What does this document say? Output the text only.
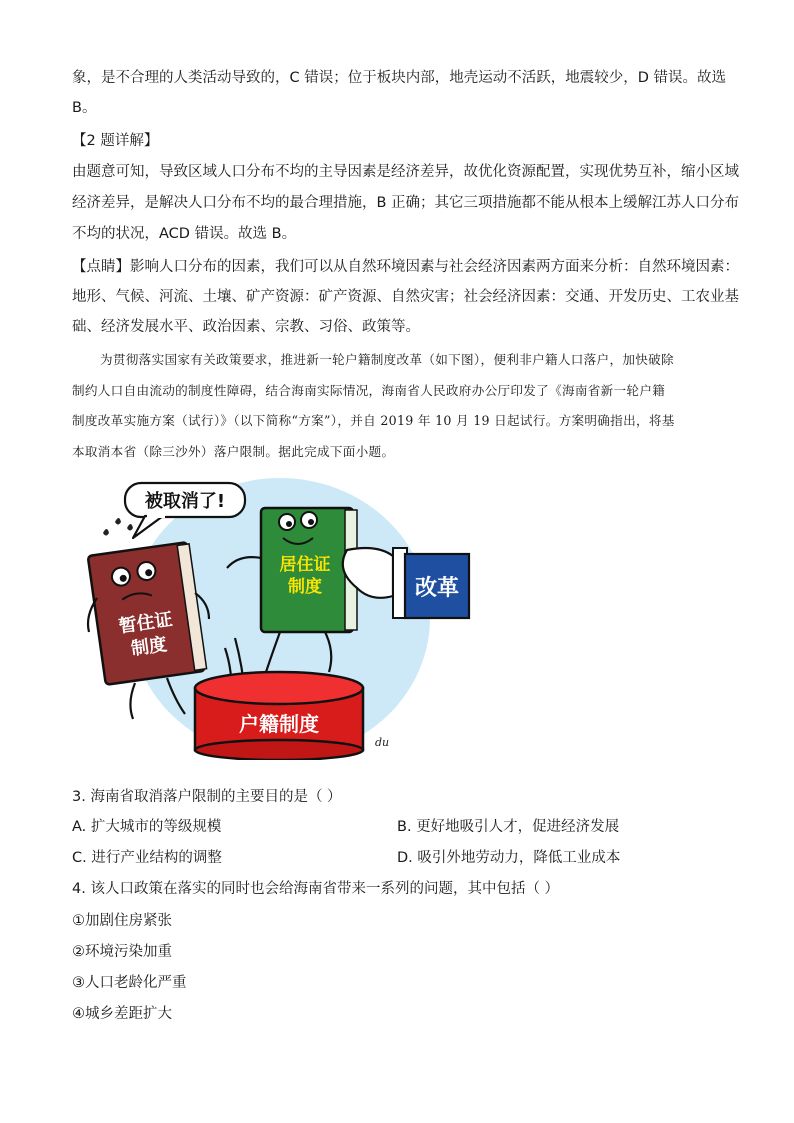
象，是不合理的人类活动导致的，C 错误；位于板块内部，地壳运动不活跃，地震较少，D 错误。故选
B。
【2 题详解】
由题意可知，导致区域人口分布不均的主导因素是经济差异，故优化资源配置，实现优势互补，缩小区域
经济差异，是解决人口分布不均的最合理措施，B 正确；其它三项措施都不能从根本上缓解江苏人口分布
不均的状况，ACD 错误。故选 B。
【点睛】影响人口分布的因素，我们可以从自然环境因素与社会经济因素两方面来分析：自然环境因素：
地形、气候、河流、土壤、矿产资源：矿产资源、自然灾害；社会经济因素：交通、开发历史、工农业基
础、经济发展水平、政治因素、宗教、习俗、政策等。
为贯彻落实国家有关政策要求，推进新一轮户籍制度改革（如下图），便利非户籍人口落户，加快破除
制约人口自由流动的制度性障碍，结合海南实际情况，海南省人民政府办公厅印发了《海南省新一轮户籍
制度改革实施方案（试行）》（以下简称“方案”），并自 2019 年 10 月 19 日起试行。方案明确指出，将基
本取消本省（除三沙外）落户限制。据此完成下面小题。
被取消了!
暂住证
制度
居住证
制度	改革
户籍制度
du
3. 海南省取消落户限制的主要目的是（ ）
A. 扩大城市的等级规模	B. 更好地吸引人才，促进经济发展
C. 进行产业结构的调整	D. 吸引外地劳动力，降低工业成本
4. 该人口政策在落实的同时也会给海南省带来一系列的问题，其中包括（ ）
①加剧住房紧张
②环境污染加重
③人口老龄化严重
④城乡差距扩大
